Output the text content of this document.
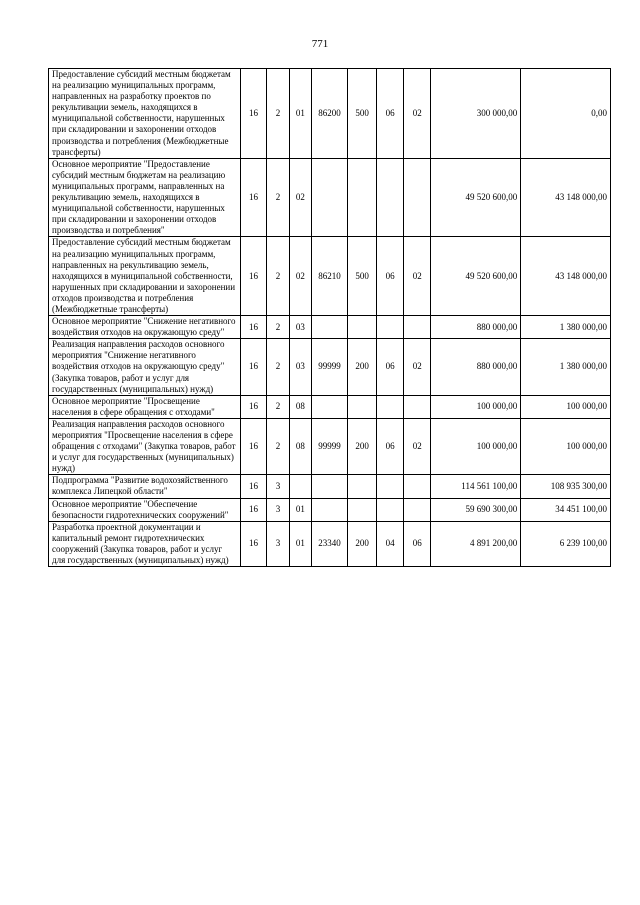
771
Предоставление субсидий местным бюджетам на реализацию муниципальных программ, направленных на разработку проектов по рекультивации земель, находящихся в муниципальной собственности, нарушенных при складировании и захоронении отходов производства и потребления (Межбюджетные трансферты)	16	2	01	86200	500	06	02	300 000,00	0,00
Основное мероприятие "Предоставление субсидий местным бюджетам на реализацию муниципальных программ, направленных на рекультивацию земель, находящихся в муниципальной собственности, нарушенных при складировании и захоронении отходов производства и потребления"	16	2	02					49 520 600,00	43 148 000,00
Предоставление субсидий местным бюджетам на реализацию муниципальных программ, направленных на рекультивацию земель, находящихся в муниципальной собственности, нарушенных при складировании и захоронении отходов производства и потребления (Межбюджетные трансферты)	16	2	02	86210	500	06	02	49 520 600,00	43 148 000,00
Основное мероприятие "Снижение негативного воздействия отходов на окружающую среду"	16	2	03					880 000,00	1 380 000,00
Реализация направления расходов основного мероприятия "Снижение негативного воздействия отходов на окружающую среду" (Закупка товаров, работ и услуг для государственных (муниципальных) нужд)	16	2	03	99999	200	06	02	880 000,00	1 380 000,00
Основное мероприятие "Просвещение населения в сфере обращения с отходами"	16	2	08					100 000,00	100 000,00
Реализация направления расходов основного мероприятия "Просвещение населения в сфере обращения с отходами" (Закупка товаров, работ и услуг для государственных (муниципальных) нужд)	16	2	08	99999	200	06	02	100 000,00	100 000,00
Подпрограмма "Развитие водохозяйственного комплекса Липецкой области"	16	3						114 561 100,00	108 935 300,00
Основное мероприятие "Обеспечение безопасности гидротехнических сооружений"	16	3	01					59 690 300,00	34 451 100,00
Разработка проектной документации и капитальный ремонт гидротехнических сооружений (Закупка товаров, работ и услуг для государственных (муниципальных) нужд)	16	3	01	23340	200	04	06	4 891 200,00	6 239 100,00
